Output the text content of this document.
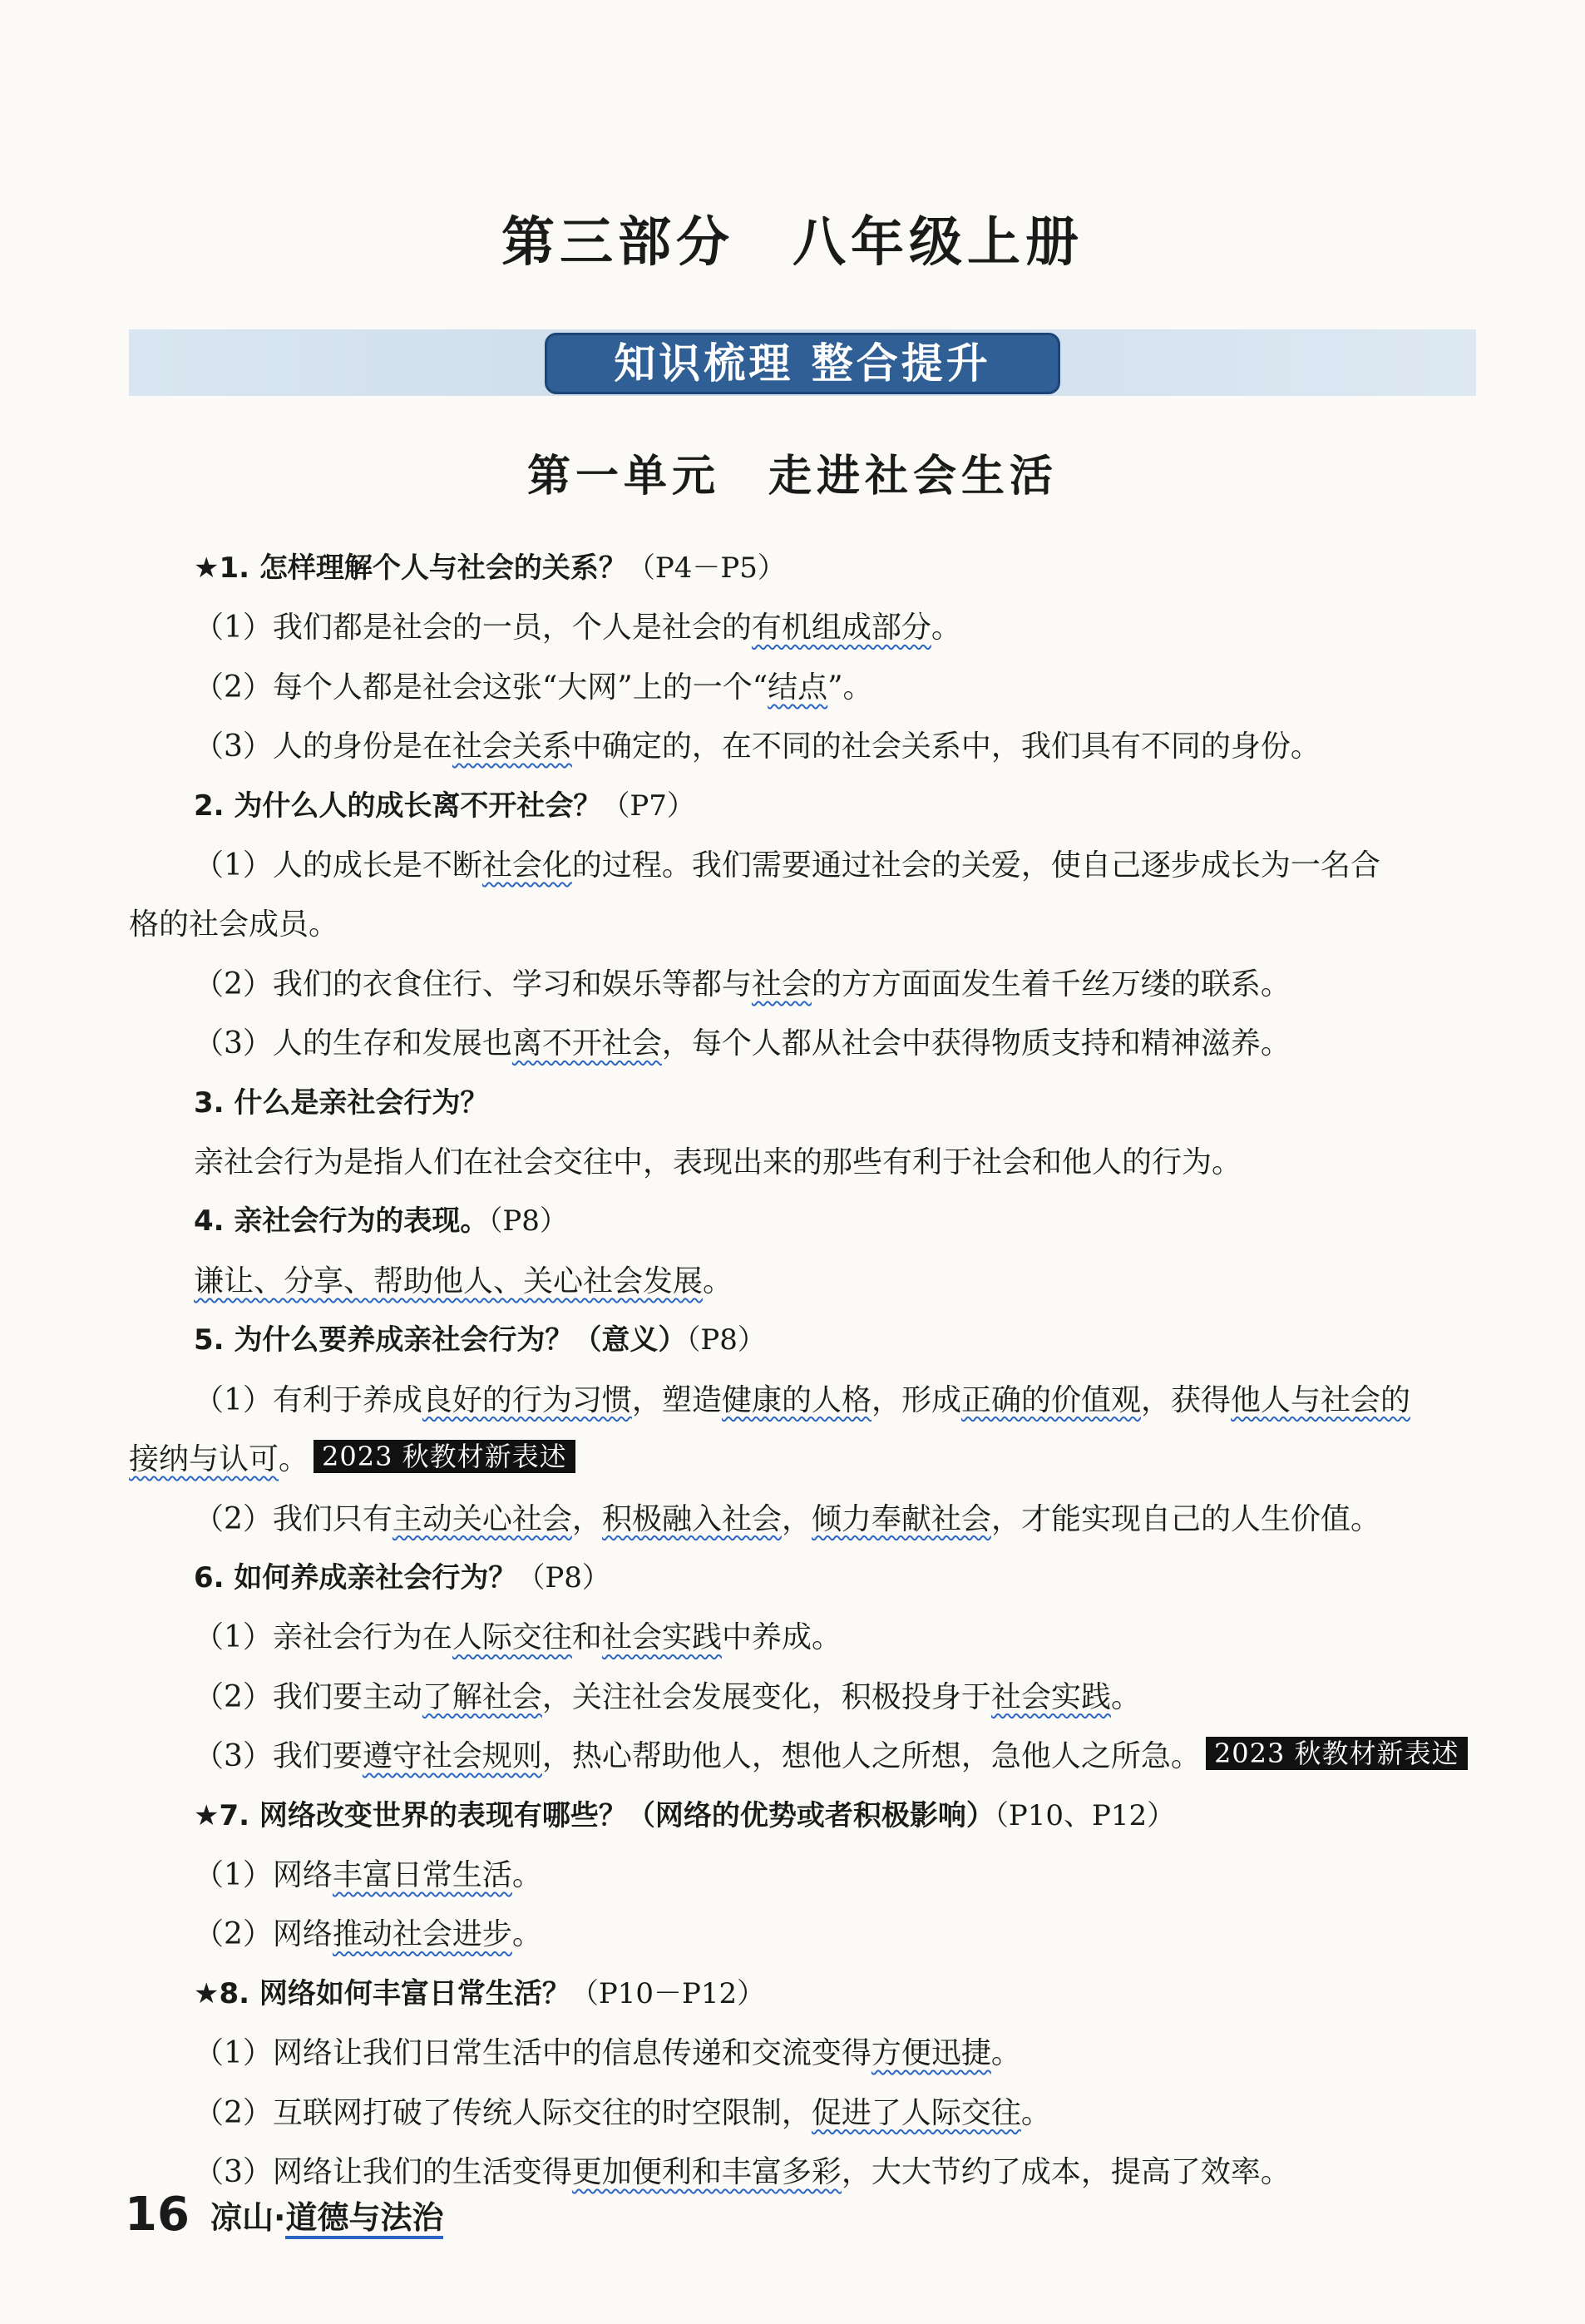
第三部分　八年级上册
知识梳理 整合提升
第一单元　走进社会生活
★1. 怎样理解个人与社会的关系？（P4－P5）
（1）我们都是社会的一员，个人是社会的有机组成部分。
（2）每个人都是社会这张“大网”上的一个“结点”。
（3）人的身份是在社会关系中确定的，在不同的社会关系中，我们具有不同的身份。
2. 为什么人的成长离不开社会？（P7）
（1）人的成长是不断社会化的过程。我们需要通过社会的关爱，使自己逐步成长为一名合
格的社会成员。
（2）我们的衣食住行、学习和娱乐等都与社会的方方面面发生着千丝万缕的联系。
（3）人的生存和发展也离不开社会，每个人都从社会中获得物质支持和精神滋养。
3. 什么是亲社会行为？
亲社会行为是指人们在社会交往中，表现出来的那些有利于社会和他人的行为。
4. 亲社会行为的表现。（P8）
谦让、分享、帮助他人、关心社会发展。
5. 为什么要养成亲社会行为？（意义）（P8）
（1）有利于养成良好的行为习惯，塑造健康的人格，形成正确的价值观，获得他人与社会的
接纳与认可。 2023 秋教材新表述
（2）我们只有主动关心社会，积极融入社会，倾力奉献社会，才能实现自己的人生价值。
6. 如何养成亲社会行为？（P8）
（1）亲社会行为在人际交往和社会实践中养成。
（2）我们要主动了解社会，关注社会发展变化，积极投身于社会实践。
（3）我们要遵守社会规则，热心帮助他人，想他人之所想，急他人之所急。 2023 秋教材新表述
★7. 网络改变世界的表现有哪些？（网络的优势或者积极影响）（P10、P12）
（1）网络丰富日常生活。
（2）网络推动社会进步。
★8. 网络如何丰富日常生活？（P10－P12）
（1）网络让我们日常生活中的信息传递和交流变得方便迅捷。
（2）互联网打破了传统人际交往的时空限制，促进了人际交往。
（3）网络让我们的生活变得更加便利和丰富多彩，大大节约了成本，提高了效率。
16 凉山·道德与法治
